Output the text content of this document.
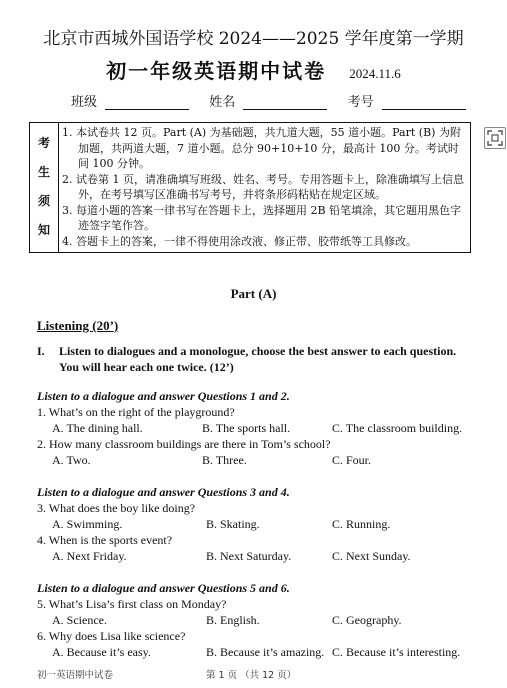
北京市西城外国语学校 2024——2025 学年度第一学期
初一年级英语期中试卷 2024.11.6
班级	姓名	考号
考
生
须
知

1. 本试卷共 12 页。Part (A) 为基础题，共九道大题，55 道小题。Part (B) 为附加题，共两道大题，7 道小题。总分 90+10+10 分，最高计 100 分。考试时间 100 分钟。
2. 试卷第 1 页，请准确填写班级、姓名、考号。专用答题卡上，除准确填写上信息外，在考号填写区准确书写考号，并将条形码粘贴在规定区域。
3. 每道小题的答案一律书写在答题卡上，选择题用 2B 铅笔填涂，其它题用黑色字迹签字笔作答。
4. 答题卡上的答案，一律不得使用涂改液、修正带、胶带纸等工具修改。
Part (A)
Listening (20’)
I. Listen to dialogues and a monologue, choose the best answer to each question. You will hear each one twice. (12’)
Listen to a dialogue and answer Questions 1 and 2.
1. What’s on the right of the playground?
A. The dining hall.	B. The sports hall.	C. The classroom building.
2. How many classroom buildings are there in Tom’s school?
A. Two.	B. Three.	C. Four.
Listen to a dialogue and answer Questions 3 and 4.
3. What does the boy like doing?
A. Swimming.	B. Skating.	C. Running.
4. When is the sports event?
A. Next Friday.	B. Next Saturday.	C. Next Sunday.
Listen to a dialogue and answer Questions 5 and 6.
5. What’s Lisa’s first class on Monday?
A. Science.	B. English.	C. Geography.
6. Why does Lisa like science?
A. Because it’s easy.	B. Because it’s amazing. C. Because it’s interesting.
初一英语期中试卷	第 1 页 （共 12 页）
